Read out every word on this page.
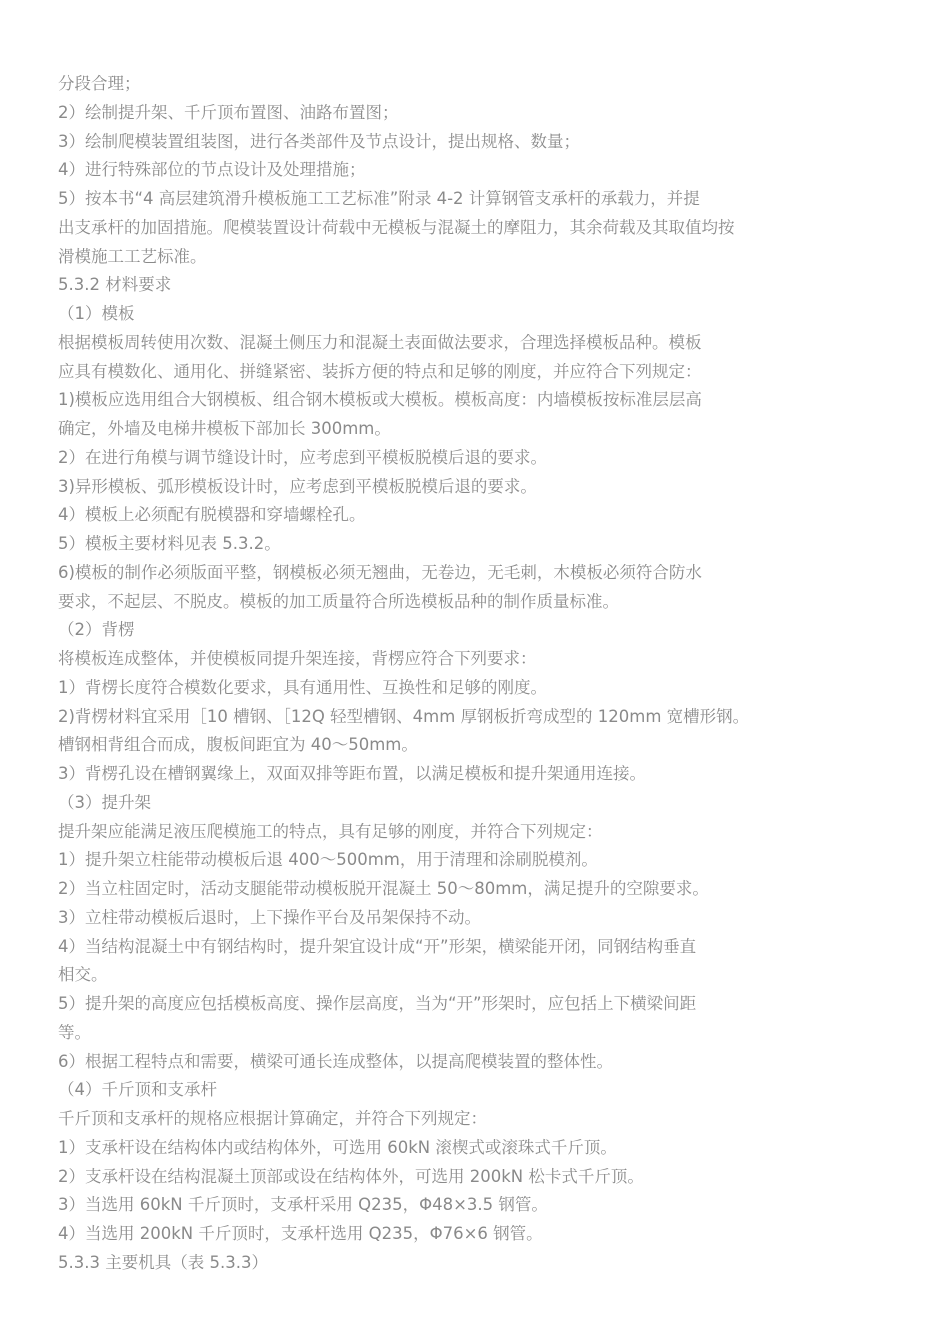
分段合理；
2）绘制提升架、千斤顶布置图、油路布置图；
3）绘制爬模装置组装图，进行各类部件及节点设计，提出规格、数量；
4）进行特殊部位的节点设计及处理措施；
5）按本书“4 高层建筑滑升模板施工工艺标准”附录 4-2 计算钢管支承杆的承载力，并提
出支承杆的加固措施。爬模装置设计荷载中无模板与混凝土的摩阻力，其余荷载及其取值均按
滑模施工工艺标准。
5.3.2 材料要求
（1）模板
根据模板周转使用次数、混凝土侧压力和混凝土表面做法要求，合理选择模板品种。模板
应具有模数化、通用化、拼缝紧密、装拆方便的特点和足够的刚度，并应符合下列规定：
1)模板应选用组合大钢模板、组合钢木模板或大模板。模板高度：内墙模板按标准层层高
确定，外墙及电梯井模板下部加长 300mm。
2）在进行角模与调节缝设计时，应考虑到平模板脱模后退的要求。
3)异形模板、弧形模板设计时，应考虑到平模板脱模后退的要求。
4）模板上必须配有脱模器和穿墙螺栓孔。
5）模板主要材料见表 5.3.2。
6)模板的制作必须版面平整，钢模板必须无翘曲，无卷边，无毛刺，木模板必须符合防水
要求，不起层、不脱皮。模板的加工质量符合所选模板品种的制作质量标准。
（2）背楞
将模板连成整体，并使模板同提升架连接，背楞应符合下列要求：
1）背楞长度符合模数化要求，具有通用性、互换性和足够的刚度。
2)背楞材料宜采用［10 槽钢、［12Q 轻型槽钢、4mm 厚钢板折弯成型的 120mm 宽槽形钢。
槽钢相背组合而成，腹板间距宜为 40～50mm。
3）背楞孔设在槽钢翼缘上，双面双排等距布置，以满足模板和提升架通用连接。
（3）提升架
提升架应能满足液压爬模施工的特点，具有足够的刚度，并符合下列规定：
1）提升架立柱能带动模板后退 400～500mm，用于清理和涂刷脱模剂。
2）当立柱固定时，活动支腿能带动模板脱开混凝土 50～80mm，满足提升的空隙要求。
3）立柱带动模板后退时，上下操作平台及吊架保持不动。
4）当结构混凝土中有钢结构时，提升架宜设计成“开”形架，横梁能开闭，同钢结构垂直
相交。
5）提升架的高度应包括模板高度、操作层高度，当为“开”形架时，应包括上下横梁间距
等。
6）根据工程特点和需要，横梁可通长连成整体，以提高爬模装置的整体性。
（4）千斤顶和支承杆
千斤顶和支承杆的规格应根据计算确定，并符合下列规定：
1）支承杆设在结构体内或结构体外，可选用 60kN 滚楔式或滚珠式千斤顶。
2）支承杆设在结构混凝土顶部或设在结构体外，可选用 200kN 松卡式千斤顶。
3）当选用 60kN 千斤顶时，支承杆采用 Q235，Φ48×3.5 钢管。
4）当选用 200kN 千斤顶时，支承杆选用 Q235，Φ76×6 钢管。
5.3.3 主要机具（表 5.3.3）
